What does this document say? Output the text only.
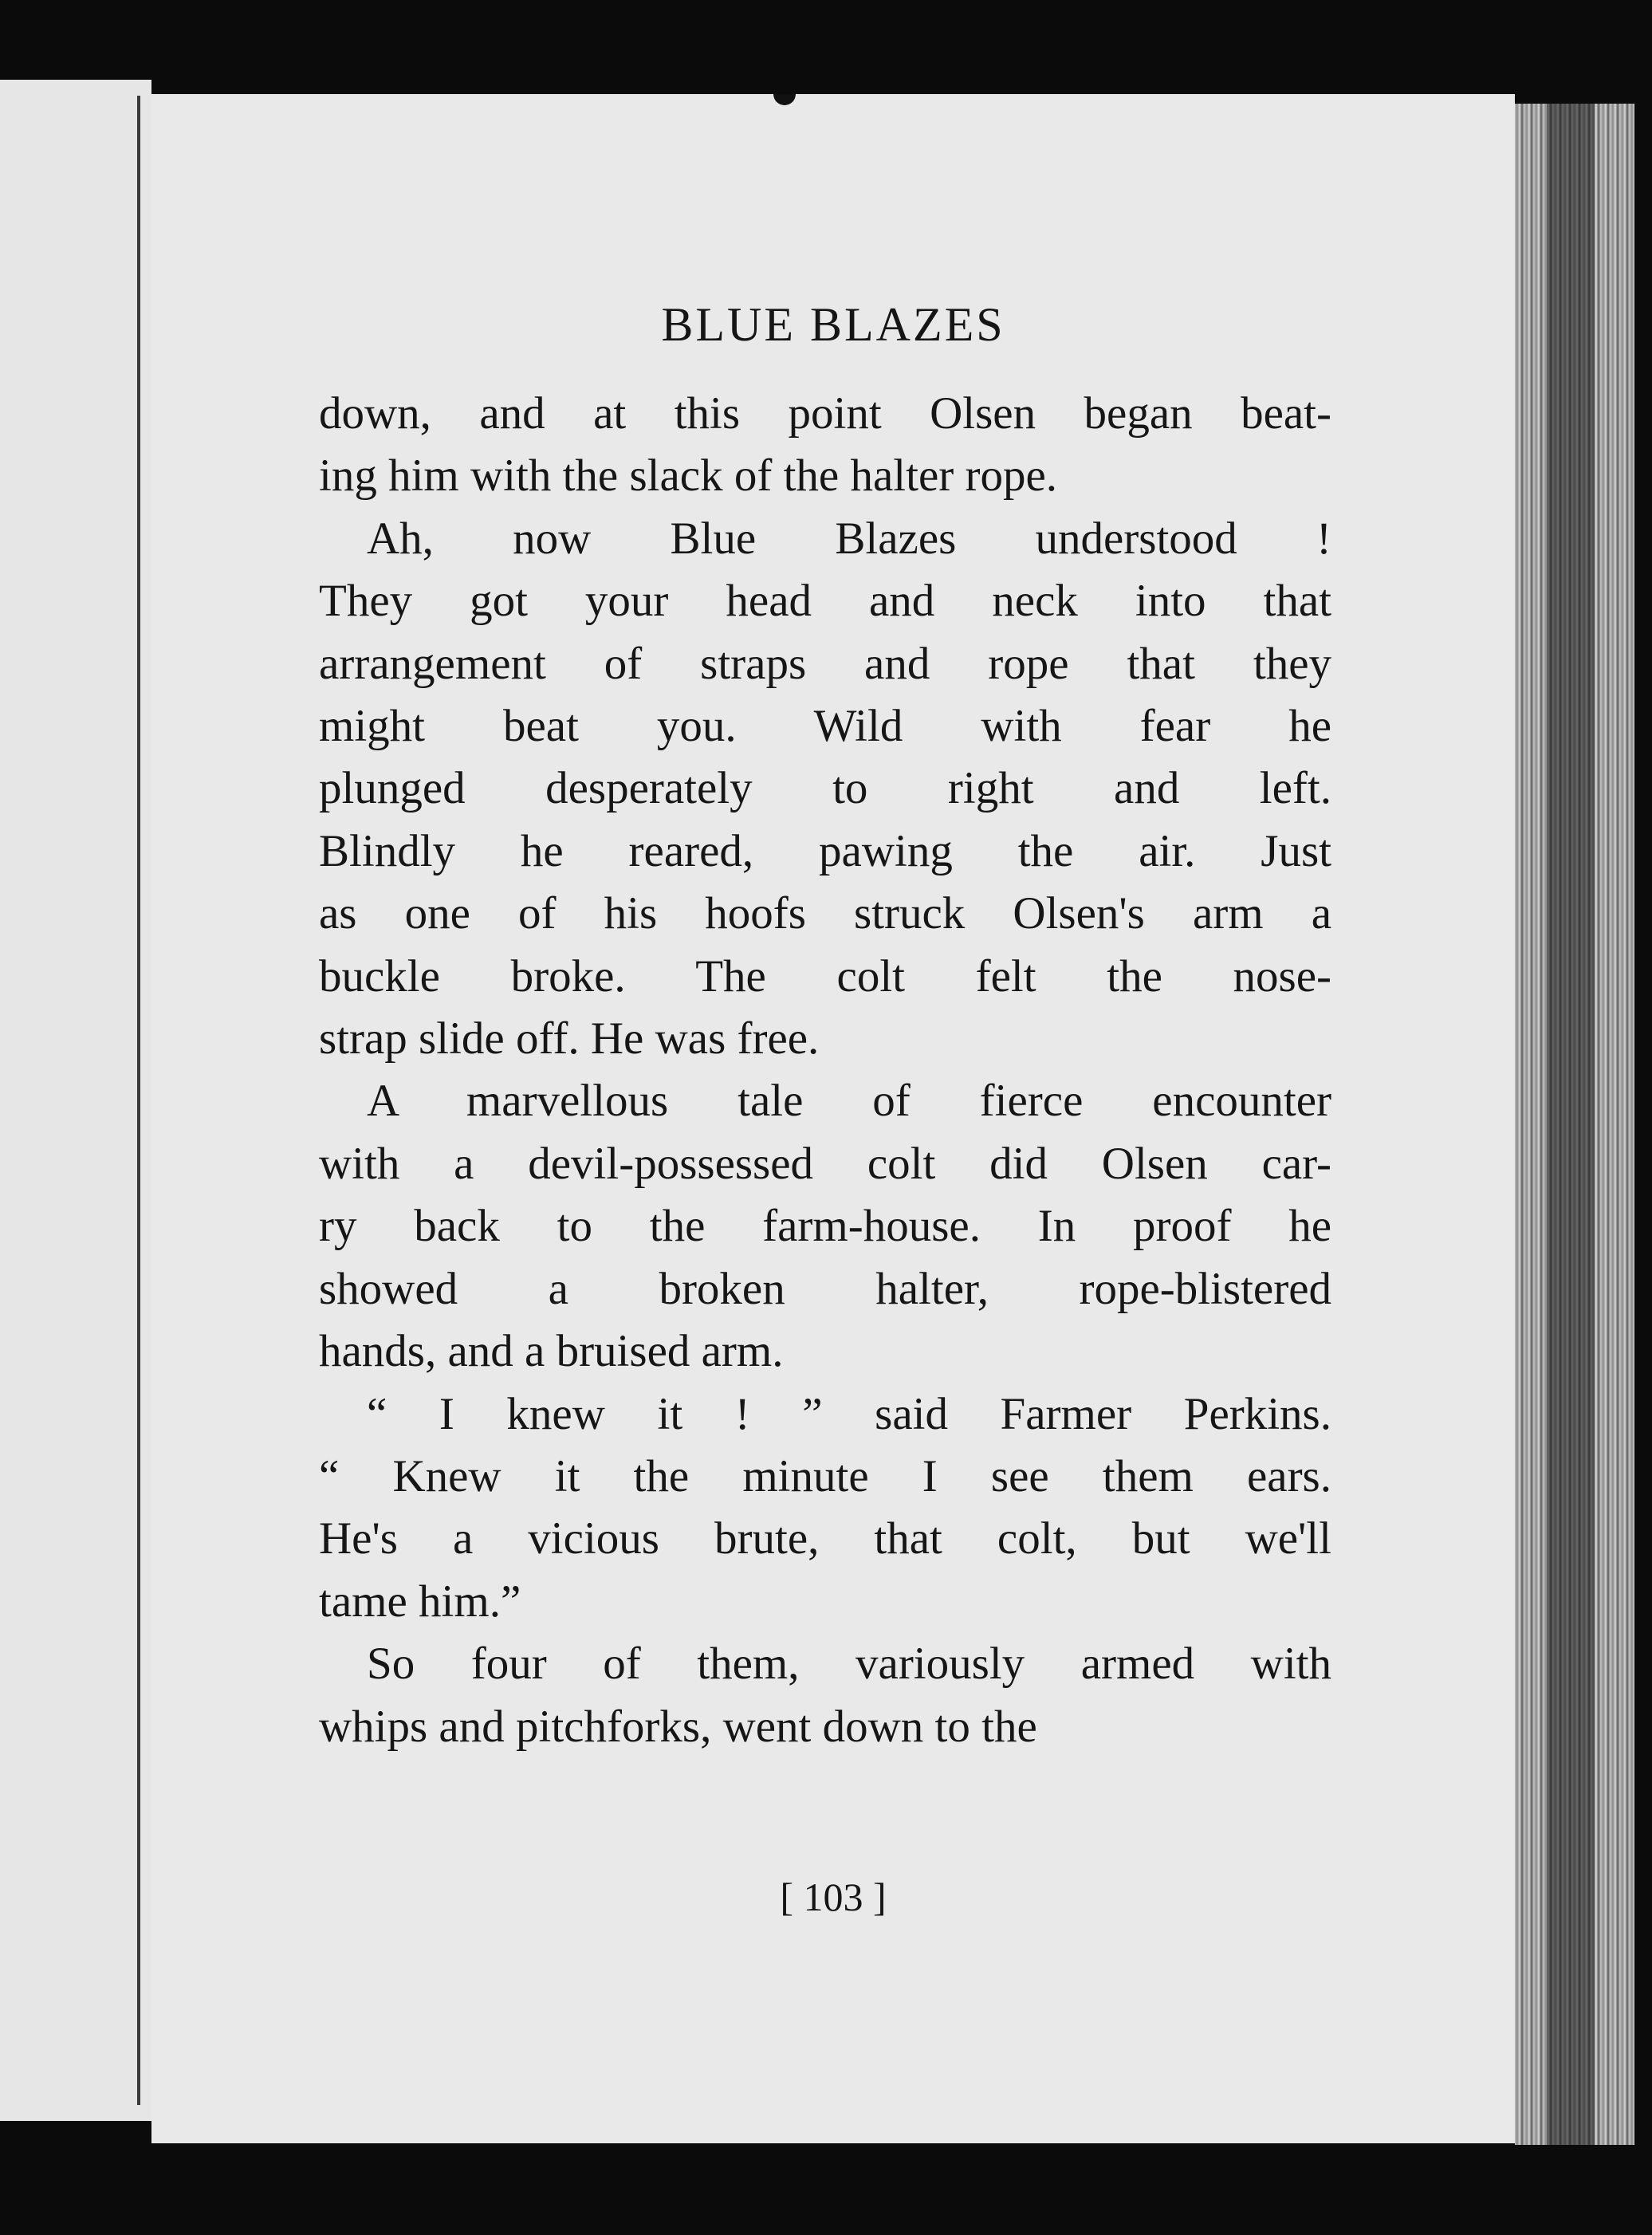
BLUE BLAZES

down, and at this point Olsen began beat-
ing him with the slack of the halter rope.

Ah, now Blue Blazes understood !
They got your head and neck into that
arrangement of straps and rope that they
might beat you. Wild with fear he
plunged desperately to right and left.
Blindly he reared, pawing the air. Just
as one of his hoofs struck Olsen's arm a
buckle broke. The colt felt the nose-
strap slide off. He was free.

A marvellous tale of fierce encounter
with a devil-possessed colt did Olsen car-
ry back to the farm-house. In proof he
showed a broken halter, rope-blistered
hands, and a bruised arm.

“ I knew it ! ” said Farmer Perkins.
“ Knew it the minute I see them ears.
He's a vicious brute, that colt, but we'll
tame him.”

So four of them, variously armed with
whips and pitchforks, went down to the

[ 103 ]
